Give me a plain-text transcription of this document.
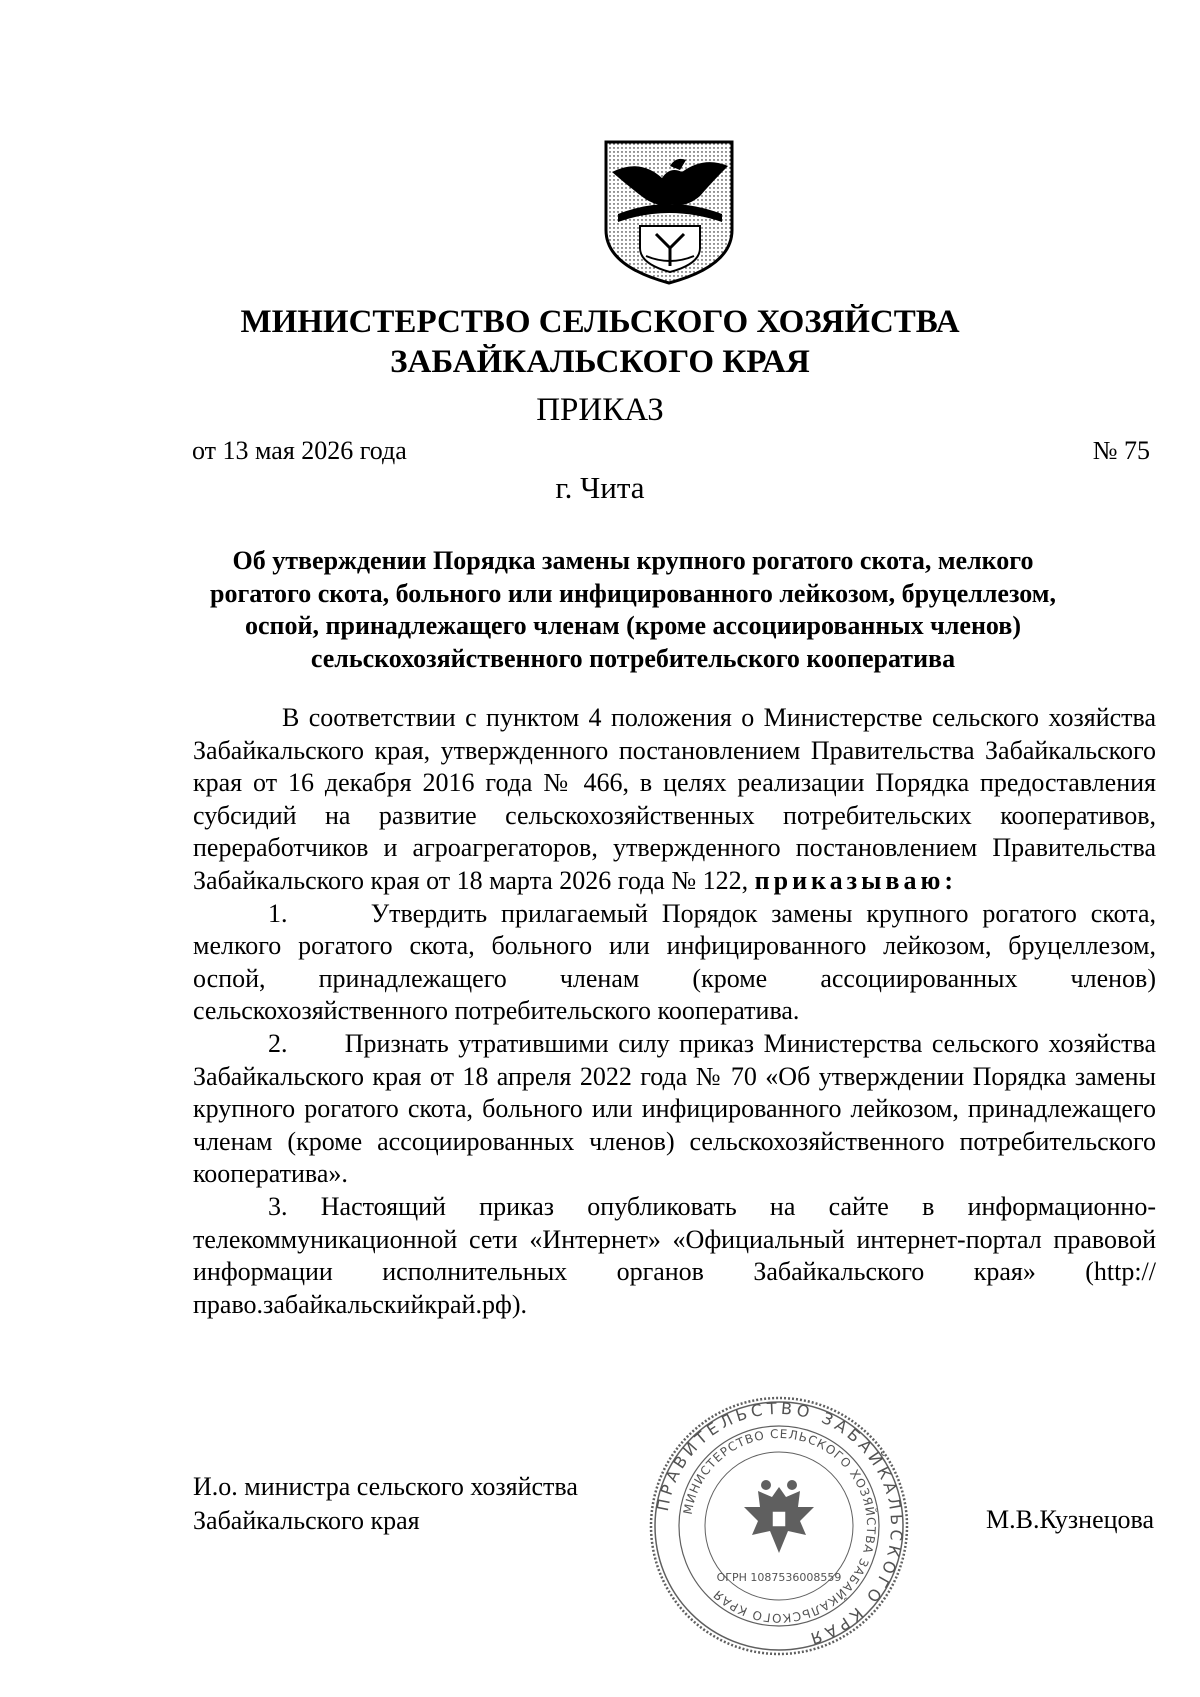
МИНИСТЕРСТВО СЕЛЬСКОГО ХОЗЯЙСТВА
ЗАБАЙКАЛЬСКОГО КРАЯ
ПРИКАЗ
от 13 мая 2026 года	№ 75
г. Чита
Об утверждении Порядка замены крупного рогатого скота, мелкого рогатого скота, больного или инфицированного лейкозом, бруцеллезом, оспой, принадлежащего членам (кроме ассоциированных членов) сельскохозяйственного потребительского кооператива

В соответствии с пунктом 4 положения о Министерстве сельского хозяйства Забайкальского края, утвержденного постановлением Правительства Забайкальского края от 16 декабря 2016 года № 466, в целях реализации Порядка предоставления субсидий на развитие сельскохозяйственных потребительских кооперативов, переработчиков и агроагрегаторов, утвержденного постановлением Правительства Забайкальского края от 18 марта 2026 года № 122, приказываю:

1.	Утвердить прилагаемый Порядок замены крупного рогатого скота, мелкого рогатого скота, больного или инфицированного лейкозом, бруцеллезом, оспой, принадлежащего членам (кроме ассоциированных членов) сельскохозяйственного потребительского кооператива.

2. Признать утратившими силу приказ Министерства сельского хозяйства Забайкальского края от 18 апреля 2022 года № 70 «Об утверждении Порядка замены крупного рогатого скота, больного или инфицированного лейкозом, принадлежащего членам (кроме ассоциированных членов) сельскохозяйственного потребительского кооператива».

3. Настоящий приказ опубликовать на сайте в информационно-телекоммуникационной сети «Интернет» «Официальный интернет-портал правовой информации исполнительных органов Забайкальского края» (http://право.забайкальскийкрай.рф).

ПРАВИТЕЛЬСТВО ЗАБАЙКАЛЬСКОГО КРАЯ
МИНИСТЕРСТВО СЕЛЬСКОГО ХОЗЯЙСТВА ЗАБАЙКАЛЬСКОГО КРАЯ
ОГРН 1087536008559
И.о. министра сельского хозяйства
Забайкальского края	М.В.Кузнецова
